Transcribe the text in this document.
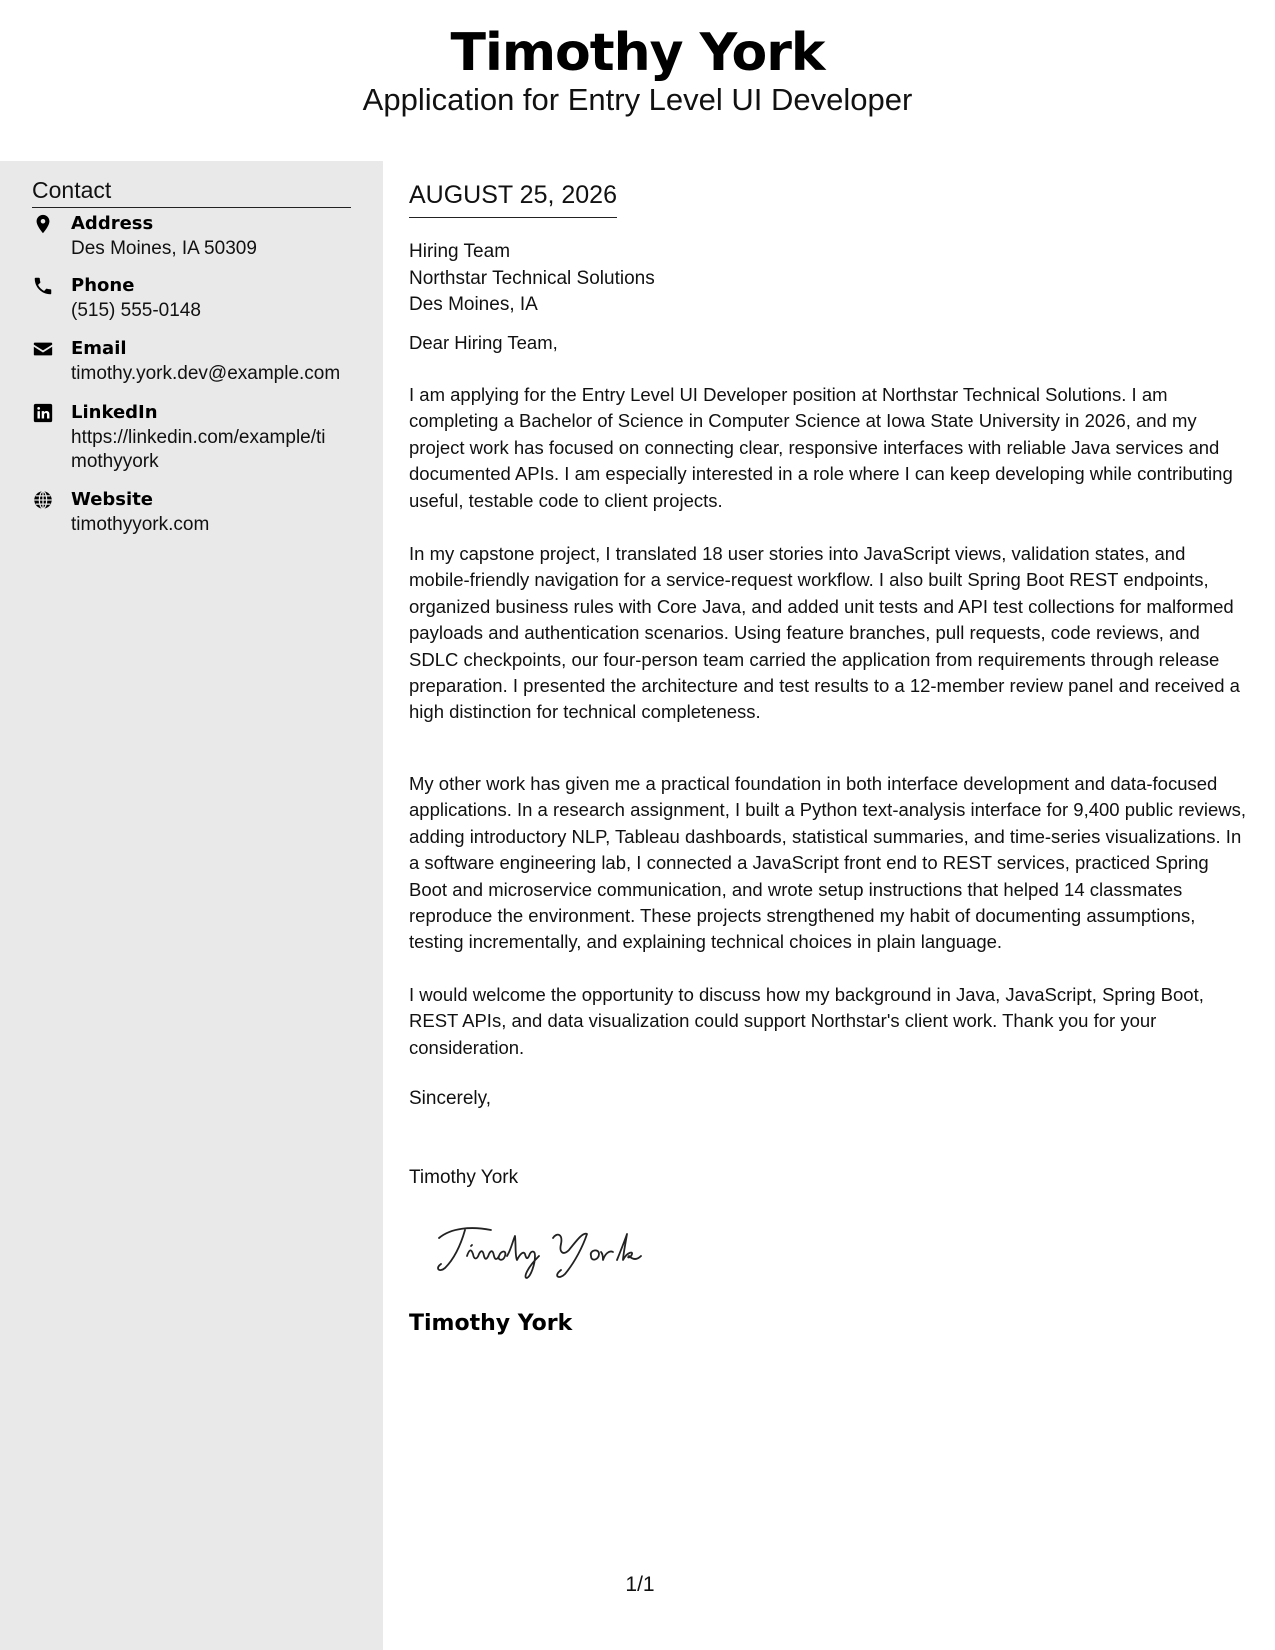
Timothy York
Application for Entry Level UI Developer
Contact
Address
Des Moines, IA 50309
Phone
(515) 555-0148
Email
timothy.york.dev@example.com
LinkedIn
https://linkedin.com/example/timothyyork
Website
timothyyork.com
AUGUST 25, 2026
Hiring Team
Northstar Technical Solutions
Des Moines, IA

Dear Hiring Team,

I am applying for the Entry Level UI Developer position at Northstar Technical Solutions. I am completing a Bachelor of Science in Computer Science at Iowa State University in 2026, and my project work has focused on connecting clear, responsive interfaces with reliable Java services and documented APIs. I am especially interested in a role where I can keep developing while contributing useful, testable code to client projects.

In my capstone project, I translated 18 user stories into JavaScript views, validation states, and mobile-friendly navigation for a service-request workflow. I also built Spring Boot REST endpoints, organized business rules with Core Java, and added unit tests and API test collections for malformed payloads and authentication scenarios. Using feature branches, pull requests, code reviews, and SDLC checkpoints, our four-person team carried the application from requirements through release preparation. I presented the architecture and test results to a 12-member review panel and received a high distinction for technical completeness.

My other work has given me a practical foundation in both interface development and data-focused applications. In a research assignment, I built a Python text-analysis interface for 9,400 public reviews, adding introductory NLP, Tableau dashboards, statistical summaries, and time-series visualizations. In a software engineering lab, I connected a JavaScript front end to REST services, practiced Spring Boot and microservice communication, and wrote setup instructions that helped 14 classmates reproduce the environment. These projects strengthened my habit of documenting assumptions, testing incrementally, and explaining technical choices in plain language.

I would welcome the opportunity to discuss how my background in Java, JavaScript, Spring Boot, REST APIs, and data visualization could support Northstar's client work. Thank you for your consideration.

Sincerely,
Timothy York
Timothy York
1/1
